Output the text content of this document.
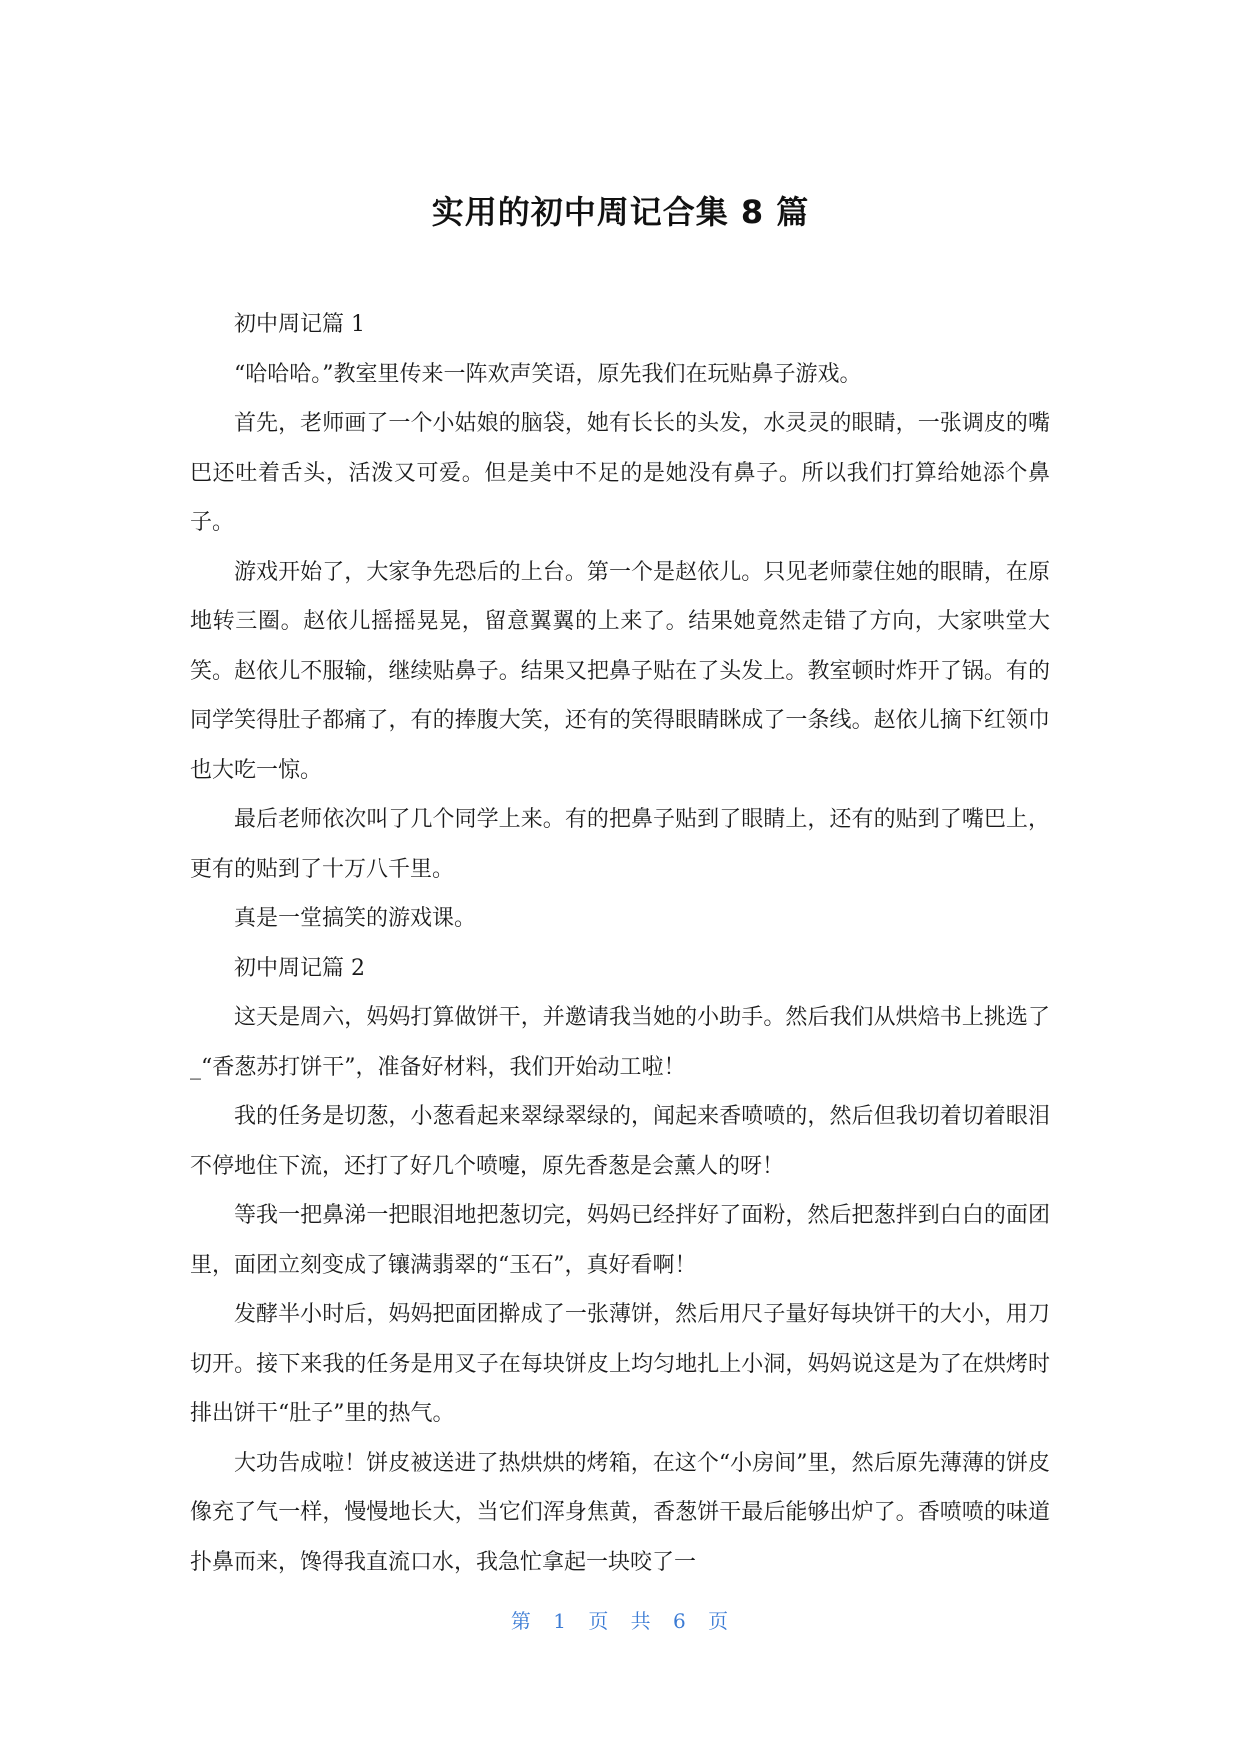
实用的初中周记合集 8 篇

初中周记篇 1

“哈哈哈。”教室里传来一阵欢声笑语，原先我们在玩贴鼻子游戏。

首先，老师画了一个小姑娘的脑袋，她有长长的头发，水灵灵的眼睛，一张调皮的嘴巴还吐着舌头，活泼又可爱。但是美中不足的是她没有鼻子。所以我们打算给她添个鼻子。

游戏开始了，大家争先恐后的上台。第一个是赵依儿。只见老师蒙住她的眼睛，在原地转三圈。赵依儿摇摇晃晃，留意翼翼的上来了。结果她竟然走错了方向，大家哄堂大笑。赵依儿不服输，继续贴鼻子。结果又把鼻子贴在了头发上。教室顿时炸开了锅。有的同学笑得肚子都痛了，有的捧腹大笑，还有的笑得眼睛眯成了一条线。赵依儿摘下红领巾也大吃一惊。

最后老师依次叫了几个同学上来。有的把鼻子贴到了眼睛上，还有的贴到了嘴巴上，更有的贴到了十万八千里。

真是一堂搞笑的游戏课。

初中周记篇 2

这天是周六，妈妈打算做饼干，并邀请我当她的小助手。然后我们从烘焙书上挑选了_“香葱苏打饼干”，准备好材料，我们开始动工啦！

我的任务是切葱，小葱看起来翠绿翠绿的，闻起来香喷喷的，然后但我切着切着眼泪不停地住下流，还打了好几个喷嚏，原先香葱是会薰人的呀！

等我一把鼻涕一把眼泪地把葱切完，妈妈已经拌好了面粉，然后把葱拌到白白的面团里，面团立刻变成了镶满翡翠的“玉石”，真好看啊！

发酵半小时后，妈妈把面团擀成了一张薄饼，然后用尺子量好每块饼干的大小，用刀切开。接下来我的任务是用叉子在每块饼皮上均匀地扎上小洞，妈妈说这是为了在烘烤时排出饼干“肚子”里的热气。

大功告成啦！饼皮被送进了热烘烘的烤箱，在这个“小房间”里，然后原先薄薄的饼皮像充了气一样，慢慢地长大，当它们浑身焦黄，香葱饼干最后能够出炉了。香喷喷的味道扑鼻而来，馋得我直流口水，我急忙拿起一块咬了一

第 1 页 共 6 页
